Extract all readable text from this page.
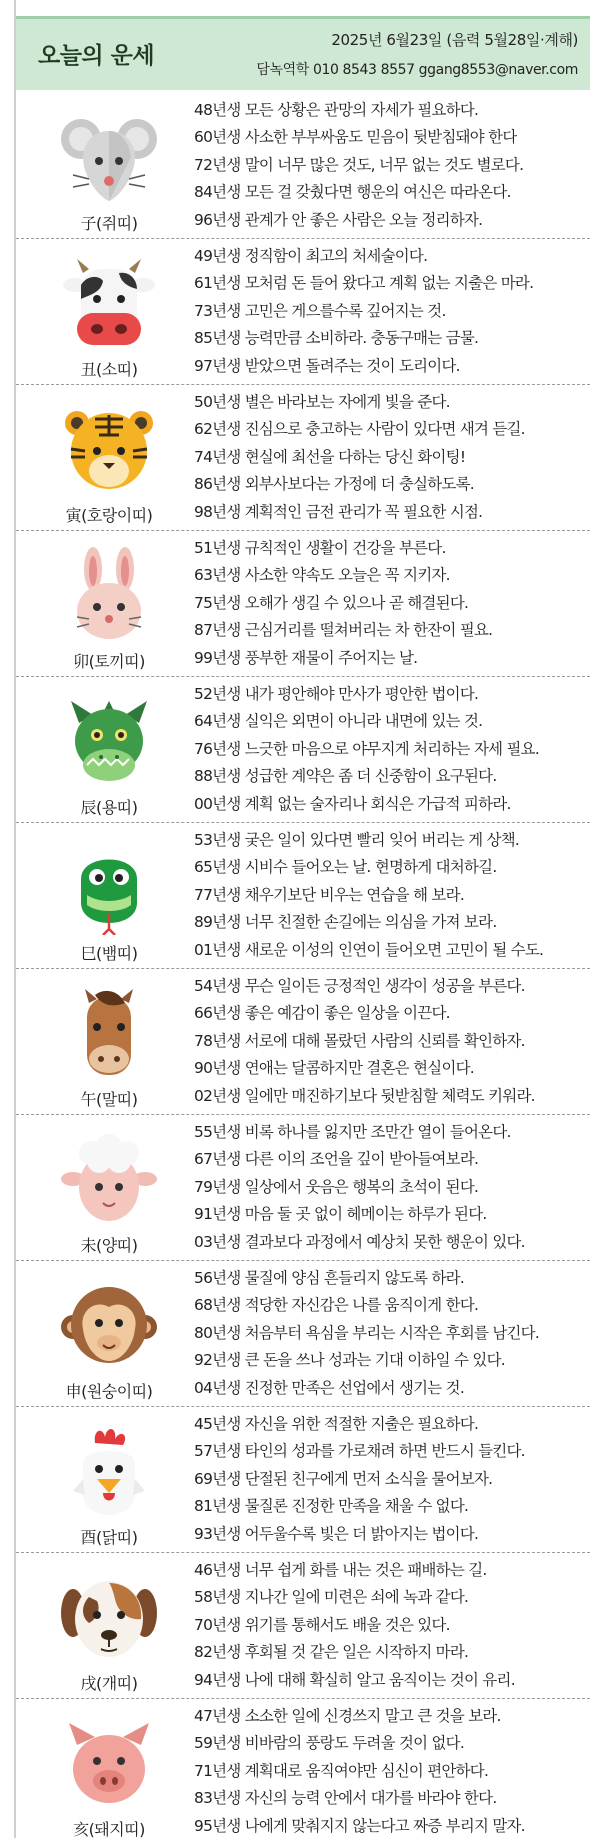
오늘의 운세
2025년 6월23일 (음력 5월28일·계해)
담녹역학 010 8543 8557 ggang8553@naver.com
子(쥐띠)
48년생 모든 상황은 관망의 자세가 필요하다.
60년생 사소한 부부싸움도 믿음이 뒷받침돼야 한다
72년생 말이 너무 많은 것도, 너무 없는 것도 별로다.
84년생 모든 걸 갖췄다면 행운의 여신은 따라온다.
96년생 관계가 안 좋은 사람은 오늘 정리하자.
丑(소띠)
49년생 정직함이 최고의 처세술이다.
61년생 모처럼 돈 들어 왔다고 계획 없는 지출은 마라.
73년생 고민은 게으를수록 깊어지는 것.
85년생 능력만큼 소비하라. 충동구매는 금물.
97년생 받았으면 돌려주는 것이 도리이다.
寅(호랑이띠)
50년생 별은 바라보는 자에게 빛을 준다.
62년생 진심으로 충고하는 사람이 있다면 새겨 듣길.
74년생 현실에 최선을 다하는 당신 화이팅!
86년생 외부사보다는 가정에 더 충실하도록.
98년생 계획적인 금전 관리가 꼭 필요한 시점.
卯(토끼띠)
51년생 규칙적인 생활이 건강을 부른다.
63년생 사소한 약속도 오늘은 꼭 지키자.
75년생 오해가 생길 수 있으나 곧 해결된다.
87년생 근심거리를 떨쳐버리는 차 한잔이 필요.
99년생 풍부한 재물이 주어지는 날.
辰(용띠)
52년생 내가 평안해야 만사가 평안한 법이다.
64년생 실익은 외면이 아니라 내면에 있는 것.
76년생 느긋한 마음으로 야무지게 처리하는 자세 필요.
88년생 성급한 계약은 좀 더 신중함이 요구된다.
00년생 계획 없는 술자리나 회식은 가급적 피하라.
巳(뱀띠)
53년생 궂은 일이 있다면 빨리 잊어 버리는 게 상책.
65년생 시비수 들어오는 날. 현명하게 대처하길.
77년생 채우기보단 비우는 연습을 해 보라.
89년생 너무 친절한 손길에는 의심을 가져 보라.
01년생 새로운 이성의 인연이 들어오면 고민이 될 수도.
午(말띠)
54년생 무슨 일이든 긍정적인 생각이 성공을 부른다.
66년생 좋은 예감이 좋은 일상을 이끈다.
78년생 서로에 대해 몰랐던 사람의 신뢰를 확인하자.
90년생 연애는 달콤하지만 결혼은 현실이다.
02년생 일에만 매진하기보다 뒷받침할 체력도 키워라.
未(양띠)
55년생 비록 하나를 잃지만 조만간 열이 들어온다.
67년생 다른 이의 조언을 깊이 받아들여보라.
79년생 일상에서 웃음은 행복의 초석이 된다.
91년생 마음 둘 곳 없이 헤메이는 하루가 된다.
03년생 결과보다 과정에서 예상치 못한 행운이 있다.
申(원숭이띠)
56년생 물질에 양심 흔들리지 않도록 하라.
68년생 적당한 자신감은 나를 움직이게 한다.
80년생 처음부터 욕심을 부리는 시작은 후회를 남긴다.
92년생 큰 돈을 쓰나 성과는 기대 이하일 수 있다.
04년생 진정한 만족은 선업에서 생기는 것.
酉(닭띠)
45년생 자신을 위한 적절한 지출은 필요하다.
57년생 타인의 성과를 가로채려 하면 반드시 들킨다.
69년생 단절된 친구에게 먼저 소식을 물어보자.
81년생 물질론 진정한 만족을 채울 수 없다.
93년생 어두울수록 빛은 더 밝아지는 법이다.
戌(개띠)
46년생 너무 쉽게 화를 내는 것은 패배하는 길.
58년생 지나간 일에 미련은 쇠에 녹과 같다.
70년생 위기를 통해서도 배울 것은 있다.
82년생 후회될 것 같은 일은 시작하지 마라.
94년생 나에 대해 확실히 알고 움직이는 것이 유리.
亥(돼지띠)
47년생 소소한 일에 신경쓰지 말고 큰 것을 보라.
59년생 비바람의 풍랑도 두려울 것이 없다.
71년생 계획대로 움직여야만 심신이 편안하다.
83년생 자신의 능력 안에서 대가를 바라야 한다.
95년생 나에게 맞춰지지 않는다고 짜증 부리지 말자.
